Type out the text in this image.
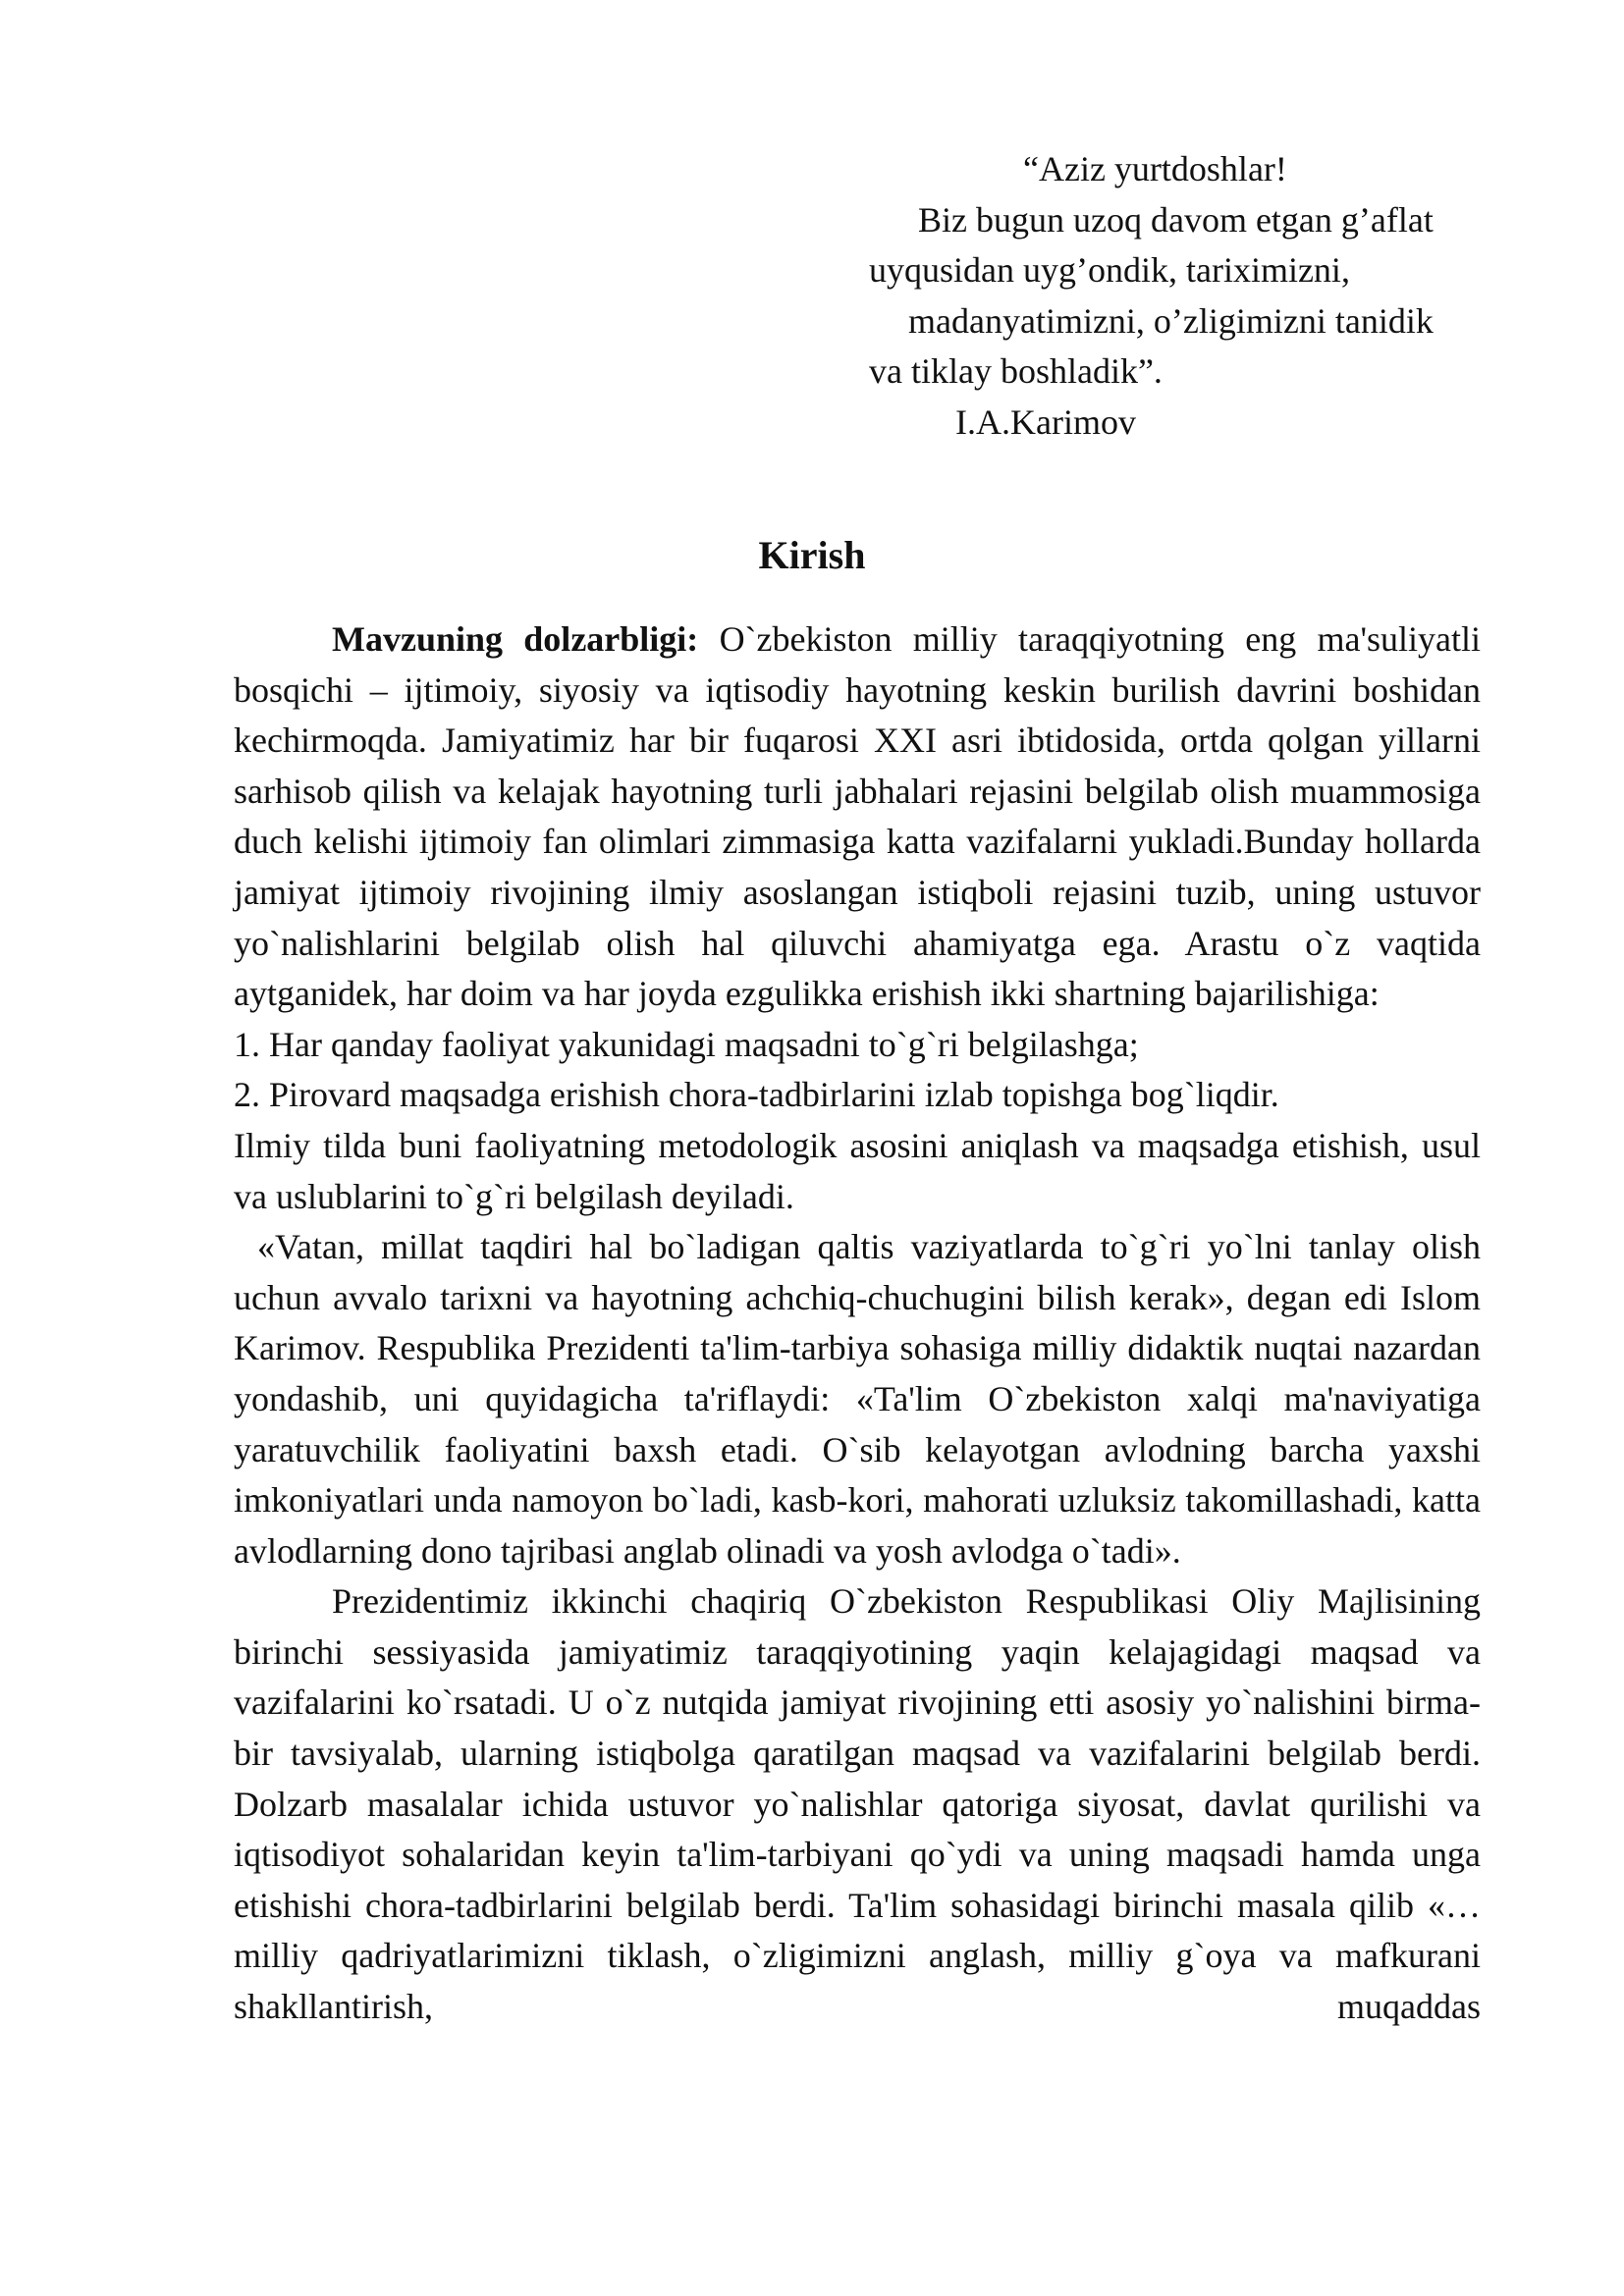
“Aziz yurtdoshlar!
Biz bugun uzoq davom etgan g’aflat
uyqusidan uyg’ondik, tariximizni,
madanyatimizni, o’zligimizni tanidik
va tiklay boshladik”.
I.A.Karimov
Kirish

Mavzuning dolzarbligi: O`zbekiston milliy taraqqiyotning eng ma'suliyatli bosqichi – ijtimoiy, siyosiy va iqtisodiy hayotning keskin burilish davrini boshidan kechirmoqda. Jamiyatimiz har bir fuqarosi XXI asri ibtidosida, ortda qolgan yillarni sarhisob qilish va kelajak hayotning turli jabhalari rejasini belgilab olish muammosiga duch kelishi ijtimoiy fan olimlari zimmasiga katta vazifalarni yukladi.Bunday hollarda jamiyat ijtimoiy rivojining ilmiy asoslangan istiqboli rejasini tuzib, uning ustuvor yo`nalishlarini belgilab olish hal qiluvchi ahamiyatga ega. Arastu o`z vaqtida aytganidek, har doim va har joyda ezgulikka erishish ikki shartning bajarilishiga:

1. Har qanday faoliyat yakunidagi maqsadni to`g`ri belgilashga;

2. Pirovard maqsadga erishish chora-tadbirlarini izlab topishga bog`liqdir.

Ilmiy tilda buni faoliyatning metodologik asosini aniqlash va maqsadga etishish, usul va uslublarini to`g`ri belgilash deyiladi.

«Vatan, millat taqdiri hal bo`ladigan qaltis vaziyatlarda to`g`ri yo`lni tanlay olish uchun avvalo tarixni va hayotning achchiq-chuchugini bilish kerak», degan edi Islom Karimov. Respublika Prezidenti ta'lim-tarbiya sohasiga milliy didaktik nuqtai nazardan yondashib, uni quyidagicha ta'riflaydi: «Ta'lim O`zbekiston xalqi ma'naviyatiga yaratuvchilik faoliyatini baxsh etadi. O`sib kelayotgan avlodning barcha yaxshi imkoniyatlari unda namoyon bo`ladi, kasb-kori, mahorati uzluksiz takomillashadi, katta avlodlarning dono tajribasi anglab olinadi va yosh avlodga o`tadi».

Prezidentimiz ikkinchi chaqiriq O`zbekiston Respublikasi Oliy Majlisining birinchi sessiyasida jamiyatimiz taraqqiyotining yaqin kelajagidagi maqsad va vazifalarini ko`rsatadi. U o`z nutqida jamiyat rivojining etti asosiy yo`nalishini birma-bir tavsiyalab, ularning istiqbolga qaratilgan maqsad va vazifalarini belgilab berdi. Dolzarb masalalar ichida ustuvor yo`nalishlar qatoriga siyosat, davlat qurilishi va iqtisodiyot sohalaridan keyin ta'lim-tarbiyani qo`ydi va uning maqsadi hamda unga etishishi chora-tadbirlarini belgilab berdi. Ta'lim sohasidagi birinchi masala qilib «…milliy qadriyatlarimizni tiklash, o`zligimizni anglash, milliy g`oya va mafkurani shakllantirish, muqaddas
